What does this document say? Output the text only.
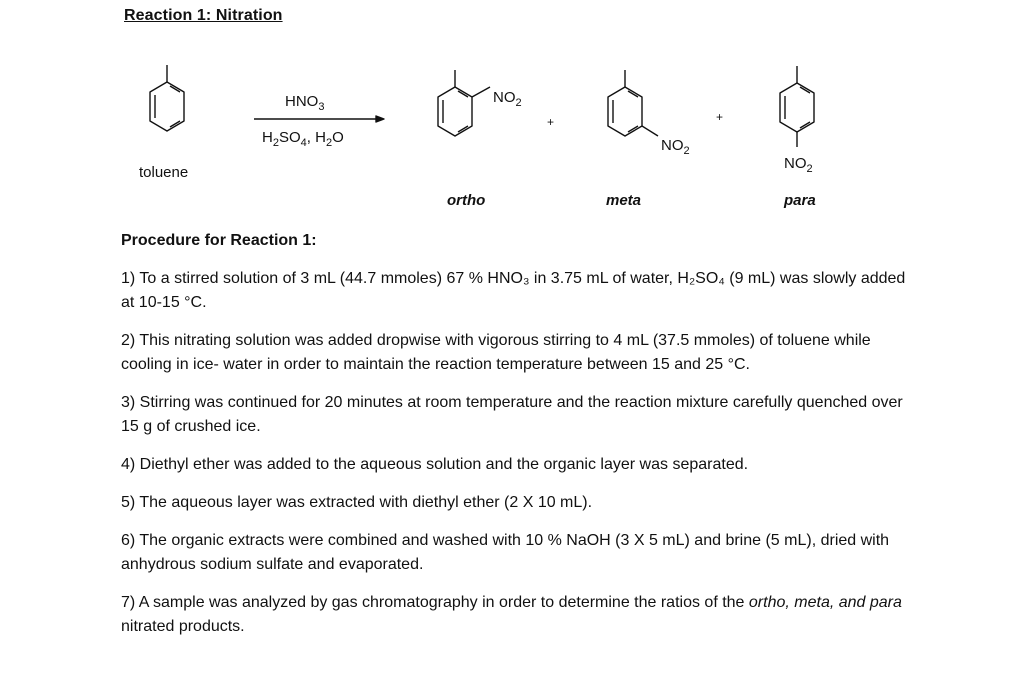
Reaction 1: Nitration
$HNO_3$
$H_2SO_4$, $H_2O$
$NO_2$
$NO_2$
$NO_2$
+	+
toluene
ortho	meta	para
Procedure for Reaction 1:

1) To a stirred solution of 3 mL (44.7 mmoles) 67 % HNO₃ in 3.75 mL of water, H₂SO₄ (9 mL) was slowly added at 10-15 °C.

2) This nitrating solution was added dropwise with vigorous stirring to 4 mL (37.5 mmoles) of toluene while cooling in ice- water in order to maintain the reaction temperature between 15 and 25 °C.

3) Stirring was continued for 20 minutes at room temperature and the reaction mixture carefully quenched over 15 g of crushed ice.

4) Diethyl ether was added to the aqueous solution and the organic layer was separated.

5) The aqueous layer was extracted with diethyl ether (2 X 10 mL).

6) The organic extracts were combined and washed with 10 % NaOH (3 X 5 mL) and brine (5 mL), dried with anhydrous sodium sulfate and evaporated.

7) A sample was analyzed by gas chromatography in order to determine the ratios of the ortho, meta, and para nitrated products.
